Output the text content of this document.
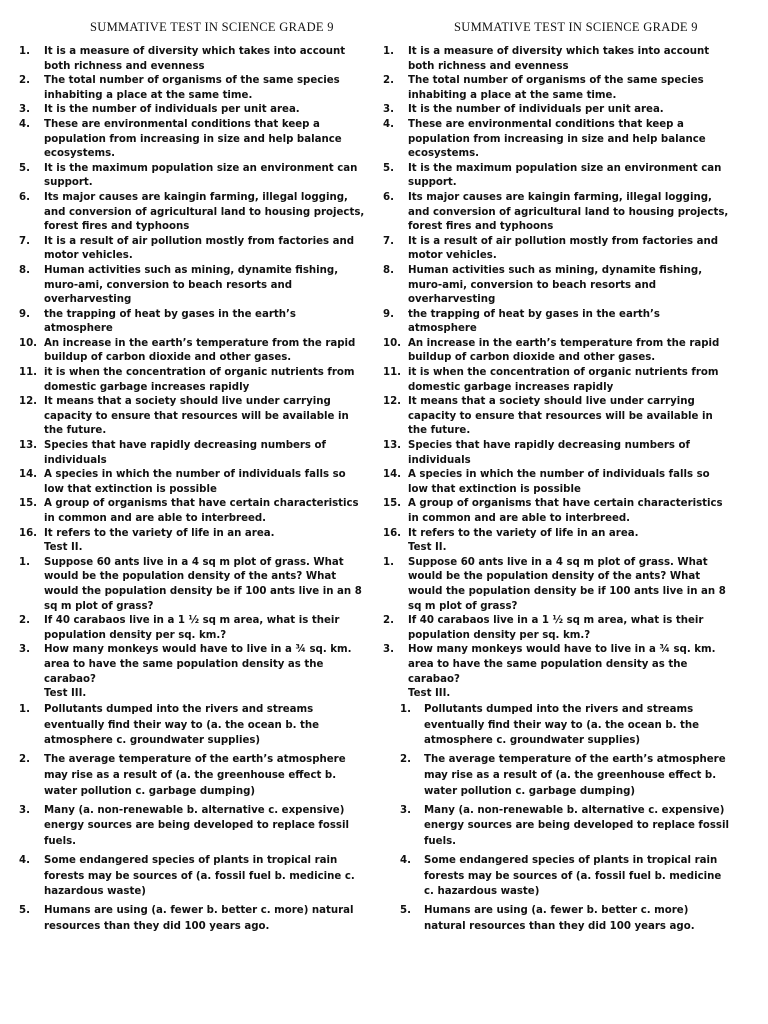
SUMMATIVE TEST IN SCIENCE GRADE 9
1.	It is a measure of diversity which takes into account both richness and evenness
2.	The total number of organisms of the same species inhabiting a place at the same time.
3.	It is the number of individuals per unit area.
4.	These are environmental conditions that keep a population from increasing in size and help balance ecosystems.
5.	It is the maximum population size an environment can support.
6.	Its major causes are kaingin farming, illegal logging, and conversion of agricultural land to housing projects, forest fires and typhoons
7.	It is a result of air pollution mostly from factories and motor vehicles.
8.	Human activities such as mining, dynamite fishing, muro-ami, conversion to beach resorts and overharvesting
9.	the trapping of heat by gases in the earth’s atmosphere
10. An increase in the earth’s temperature from the rapid buildup of carbon dioxide and other gases.
11. it is when the concentration of organic nutrients from domestic garbage increases rapidly
12. It means that a society should live under carrying capacity to ensure that resources will be available in the future.
13. Species that have rapidly decreasing numbers of individuals
14. A species in which the number of individuals falls so low that extinction is possible
15. A group of organisms that have certain characteristics in common and are able to interbreed.
16. It refers to the variety of life in an area.
Test II.
1.	Suppose 60 ants live in a 4 sq m plot of grass. What would be the population density of the ants? What would the population density be if 100 ants live in an 8 sq m plot of grass?
2.	If 40 carabaos live in a 1 ½ sq m area, what is their population density per sq. km.?
3.	How many monkeys would have to live in a ¾ sq. km. area to have the same population density as the carabao?
Test III.
1.	Pollutants dumped into the rivers and streams eventually find their way to (a. the ocean b. the atmosphere c. groundwater supplies)
2.	The average temperature of the earth’s atmosphere may rise as a result of (a. the greenhouse effect b. water pollution c. garbage dumping)
3.	Many (a. non-renewable b. alternative c. expensive) energy sources are being developed to replace fossil fuels.
4.	Some endangered species of plants in tropical rain forests may be sources of (a. fossil fuel b. medicine c. hazardous waste)
5.	Humans are using (a. fewer b. better c. more) natural resources than they did 100 years ago.
SUMMATIVE TEST IN SCIENCE GRADE 9
1.	It is a measure of diversity which takes into account both richness and evenness
2.	The total number of organisms of the same species inhabiting a place at the same time.
3.	It is the number of individuals per unit area.
4.	These are environmental conditions that keep a population from increasing in size and help balance ecosystems.
5.	It is the maximum population size an environment can support.
6.	Its major causes are kaingin farming, illegal logging, and conversion of agricultural land to housing projects, forest fires and typhoons
7.	It is a result of air pollution mostly from factories and motor vehicles.
8.	Human activities such as mining, dynamite fishing, muro-ami, conversion to beach resorts and overharvesting
9.	the trapping of heat by gases in the earth’s atmosphere
10. An increase in the earth’s temperature from the rapid buildup of carbon dioxide and other gases.
11. it is when the concentration of organic nutrients from domestic garbage increases rapidly
12. It means that a society should live under carrying capacity to ensure that resources will be available in the future.
13. Species that have rapidly decreasing numbers of individuals
14. A species in which the number of individuals falls so low that extinction is possible
15. A group of organisms that have certain characteristics in common and are able to interbreed.
16. It refers to the variety of life in an area.
Test II.
1.	Suppose 60 ants live in a 4 sq m plot of grass. What would be the population density of the ants? What would the population density be if 100 ants live in an 8 sq m plot of grass?
2.	If 40 carabaos live in a 1 ½ sq m area, what is their population density per sq. km.?
3.	How many monkeys would have to live in a ¾ sq. km. area to have the same population density as the carabao?
Test III.
1.	Pollutants dumped into the rivers and streams eventually find their way to (a. the ocean b. the atmosphere c. groundwater supplies)
2.	The average temperature of the earth’s atmosphere may rise as a result of (a. the greenhouse effect b. water pollution c. garbage dumping)
3.	Many (a. non-renewable b. alternative c. expensive) energy sources are being developed to replace fossil fuels.
4.	Some endangered species of plants in tropical rain forests may be sources of (a. fossil fuel b. medicine c. hazardous waste)
5.	Humans are using (a. fewer b. better c. more) natural resources than they did 100 years ago.
